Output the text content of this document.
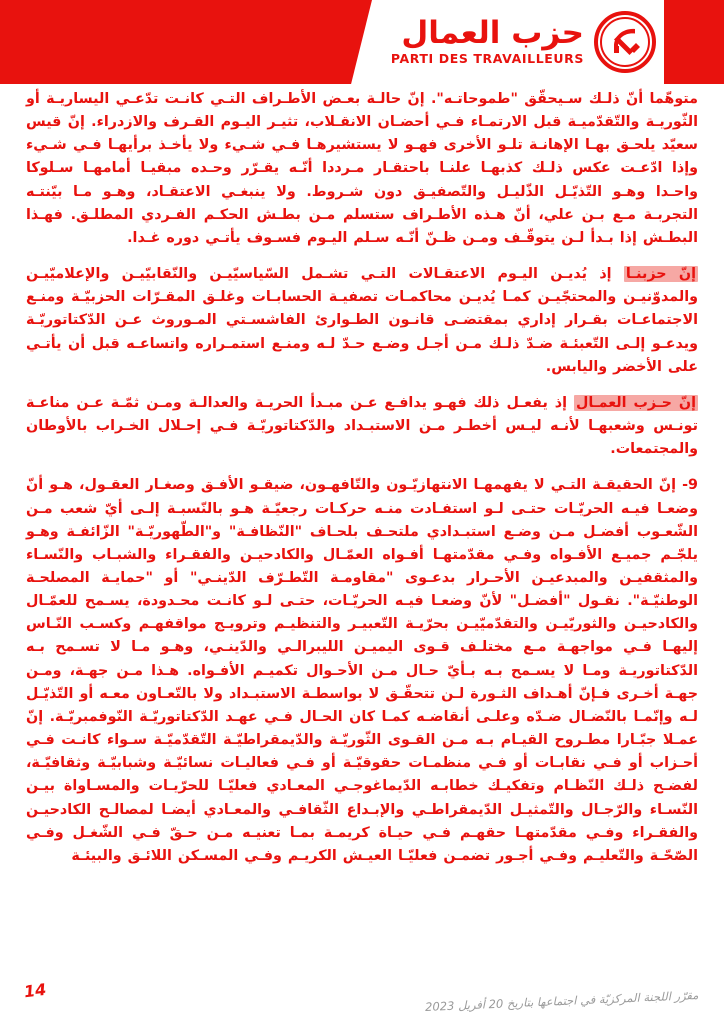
حزب العمال
PARTI DES TRAVAILLEURS

متوهّما أنّ ذلـك سـيحقّق "طموحاتـه". إنّ حالـة بعـض الأطـراف التـي كانـت تدّعـي اليساريـة أو الثّوريـة والتّقدّميـة قبل الارتمـاء فـي أحضـان الانقـلاب، تثيـر اليـوم القـرف والازدراء. إنّ قيس سعيّد يلحـق بهـا الإهانـة تلـو الأخرى فهـو لا يستشيرهـا فـي شـيء ولا يأخـذ برأيهـا فـي شـيء وإذا ادّعـت عكس ذلـك كذبهـا علنـا باحتقـار مـرددا أنّـه يقـرّر وحـده مبقيـا أمامهـا سـلوكا واحـدا وهـو التّذيّـل الذّليـل والتّصفيـق دون شـروط. ولا ينبغـي الاعتقـاد، وهـو مـا بيّنتـه التجربـة مـع بـن علي، أنّ هـذه الأطـراف ستسلم مـن بطـش الحكـم الفـردي المطلـق. فهـذا البطـش إذا بـدأ لـن يتوقّـف ومـن ظـنّ أنّـه سـلم اليـوم فسـوف يأتـي دوره غـدا.

إنّ حزبنـا إذ يُديـن اليـوم الاعتقـالات التـي تشـمل السّياسيّيـن والنّقابيّيـن والإعلاميّيـن والمدوّنيـن والمحتجّيـن كمـا يُديـن محاكمـات تصفيـة الحسابـات وغلـق المقـرّات الحزبيّـة ومنـع الاجتماعـات بقـرار إداري بمقتضـى قانـون الطـوارئ الفاشسـتي المـوروث عـن الدّكتاتوريّـة ويدعـو إلـى التّعبئـة ضـدّ ذلـك مـن أجـل وضـع حـدّ لـه ومنـع استمـراره واتساعـه قبل أن يأتـي على الأخضر واليابس.

إنّ حـزب العمـال إذ يفعـل ذلك فهـو يدافـع عـن مبـدأ الحريـة والعدالـة ومـن ثمّـة عـن مناعـة تونـس وشعبهـا لأنـه ليـس أخطـر مـن الاستبـداد والدّكتاتوريّـة فـي إحـلال الخـراب بالأوطان والمجتمعات.

9- إنّ الحقيقـة التـي لا يفهمهـا الانتهازيّـون والتّافهـون، ضيقـو الأفـق وصغـار العقـول، هـو أنّ وضعـا فيـه الحريّـات حتـى لـو استفـادت منـه حركـات رجعيّـة هـو بالنّسبـة إلـى أيّ شعب مـن الشّعـوب أفضـل مـن وضـع استبـدادي ملتحـف بلحـاف "النّظافـة" و"الطّهوريّـة" الزّائفـة وهـو يلجّـم جميـع الأفـواه وفـي مقدّمتهـا أفـواه العمّـال والكادحيـن والفقـراء والشبـاب والنّسـاء والمثقفيـن والمبدعيـن الأحـرار بدعـوى "مقاومـة التّطـرّف الدّينـي" أو "حمايـة المصلحـة الوطنيّـة". نقـول "أفضـل" لأنّ وضعـا فيـه الحريّـات، حتـى لـو كانـت محـدودة، يسـمح للعمّـال والكادحيـن والثوريّيـن والتقدّميّيـن بحرّيـة التّعبيـر والتنظيـم وترويـج مواقفهـم وكسـب النّـاس إليهـا فـي مواجهـة مـع مختلـف قـوى اليميـن الليبرالـي والدّينـي، وهـو مـا لا تسـمح بـه الدّكتاتوريـة ومـا لا يسـمح بـه بـأيّ حـال مـن الأحـوال تكميـم الأفـواه. هـذا مـن جهـة، ومـن جهـة أخـرى فـإنّ أهـداف الثـورة لـن تتحقّـق لا بواسطـة الاستبـداد ولا بالتّعـاون معـه أو التّذيّـل لـه وإنّمـا بالنّضـال ضـدّه وعلـى أنقاضـه كمـا كان الحـال فـي عهـد الدّكتاتوريّـة النّوفمبريّـة. إنّ عمـلا جبّـارا مطـروح القيـام بـه مـن القـوى الثّوريّـة والدّيمقراطيّـة التّقدّميّـة سـواء كانـت فـي أحـزاب أو فـي نقابـات أو فـي منظمـات حقوقيّـة أو فـي فعاليـات نسائيّـة وشبابيّـة وثقافيّـة، لفضـح ذلـك النّظـام وتفكيـك خطابـه الدّيماغوجـي المعـادي فعليّـا للحرّيـات والمسـاواة بيـن النّسـاء والرّجـال والتّمثيـل الدّيمقراطـي والإبـداع الثّقافـي والمعـادي أيضـا لمصالـح الكادحيـن والفقـراء وفـي مقدّمتهـا حقهـم فـي حيـاة كريمـة بمـا تعنيـه مـن حـقّ فـي الشّغـل وفـي الصّحّـة والتّعليـم وفـي أجـور تضمـن فعليّـا العيـش الكريـم وفـي المسـكن اللائـق والبيئـة

14
مقرّر اللجنة المركزيّة في اجتماعها بتاريخ 20 أفريل 2023
